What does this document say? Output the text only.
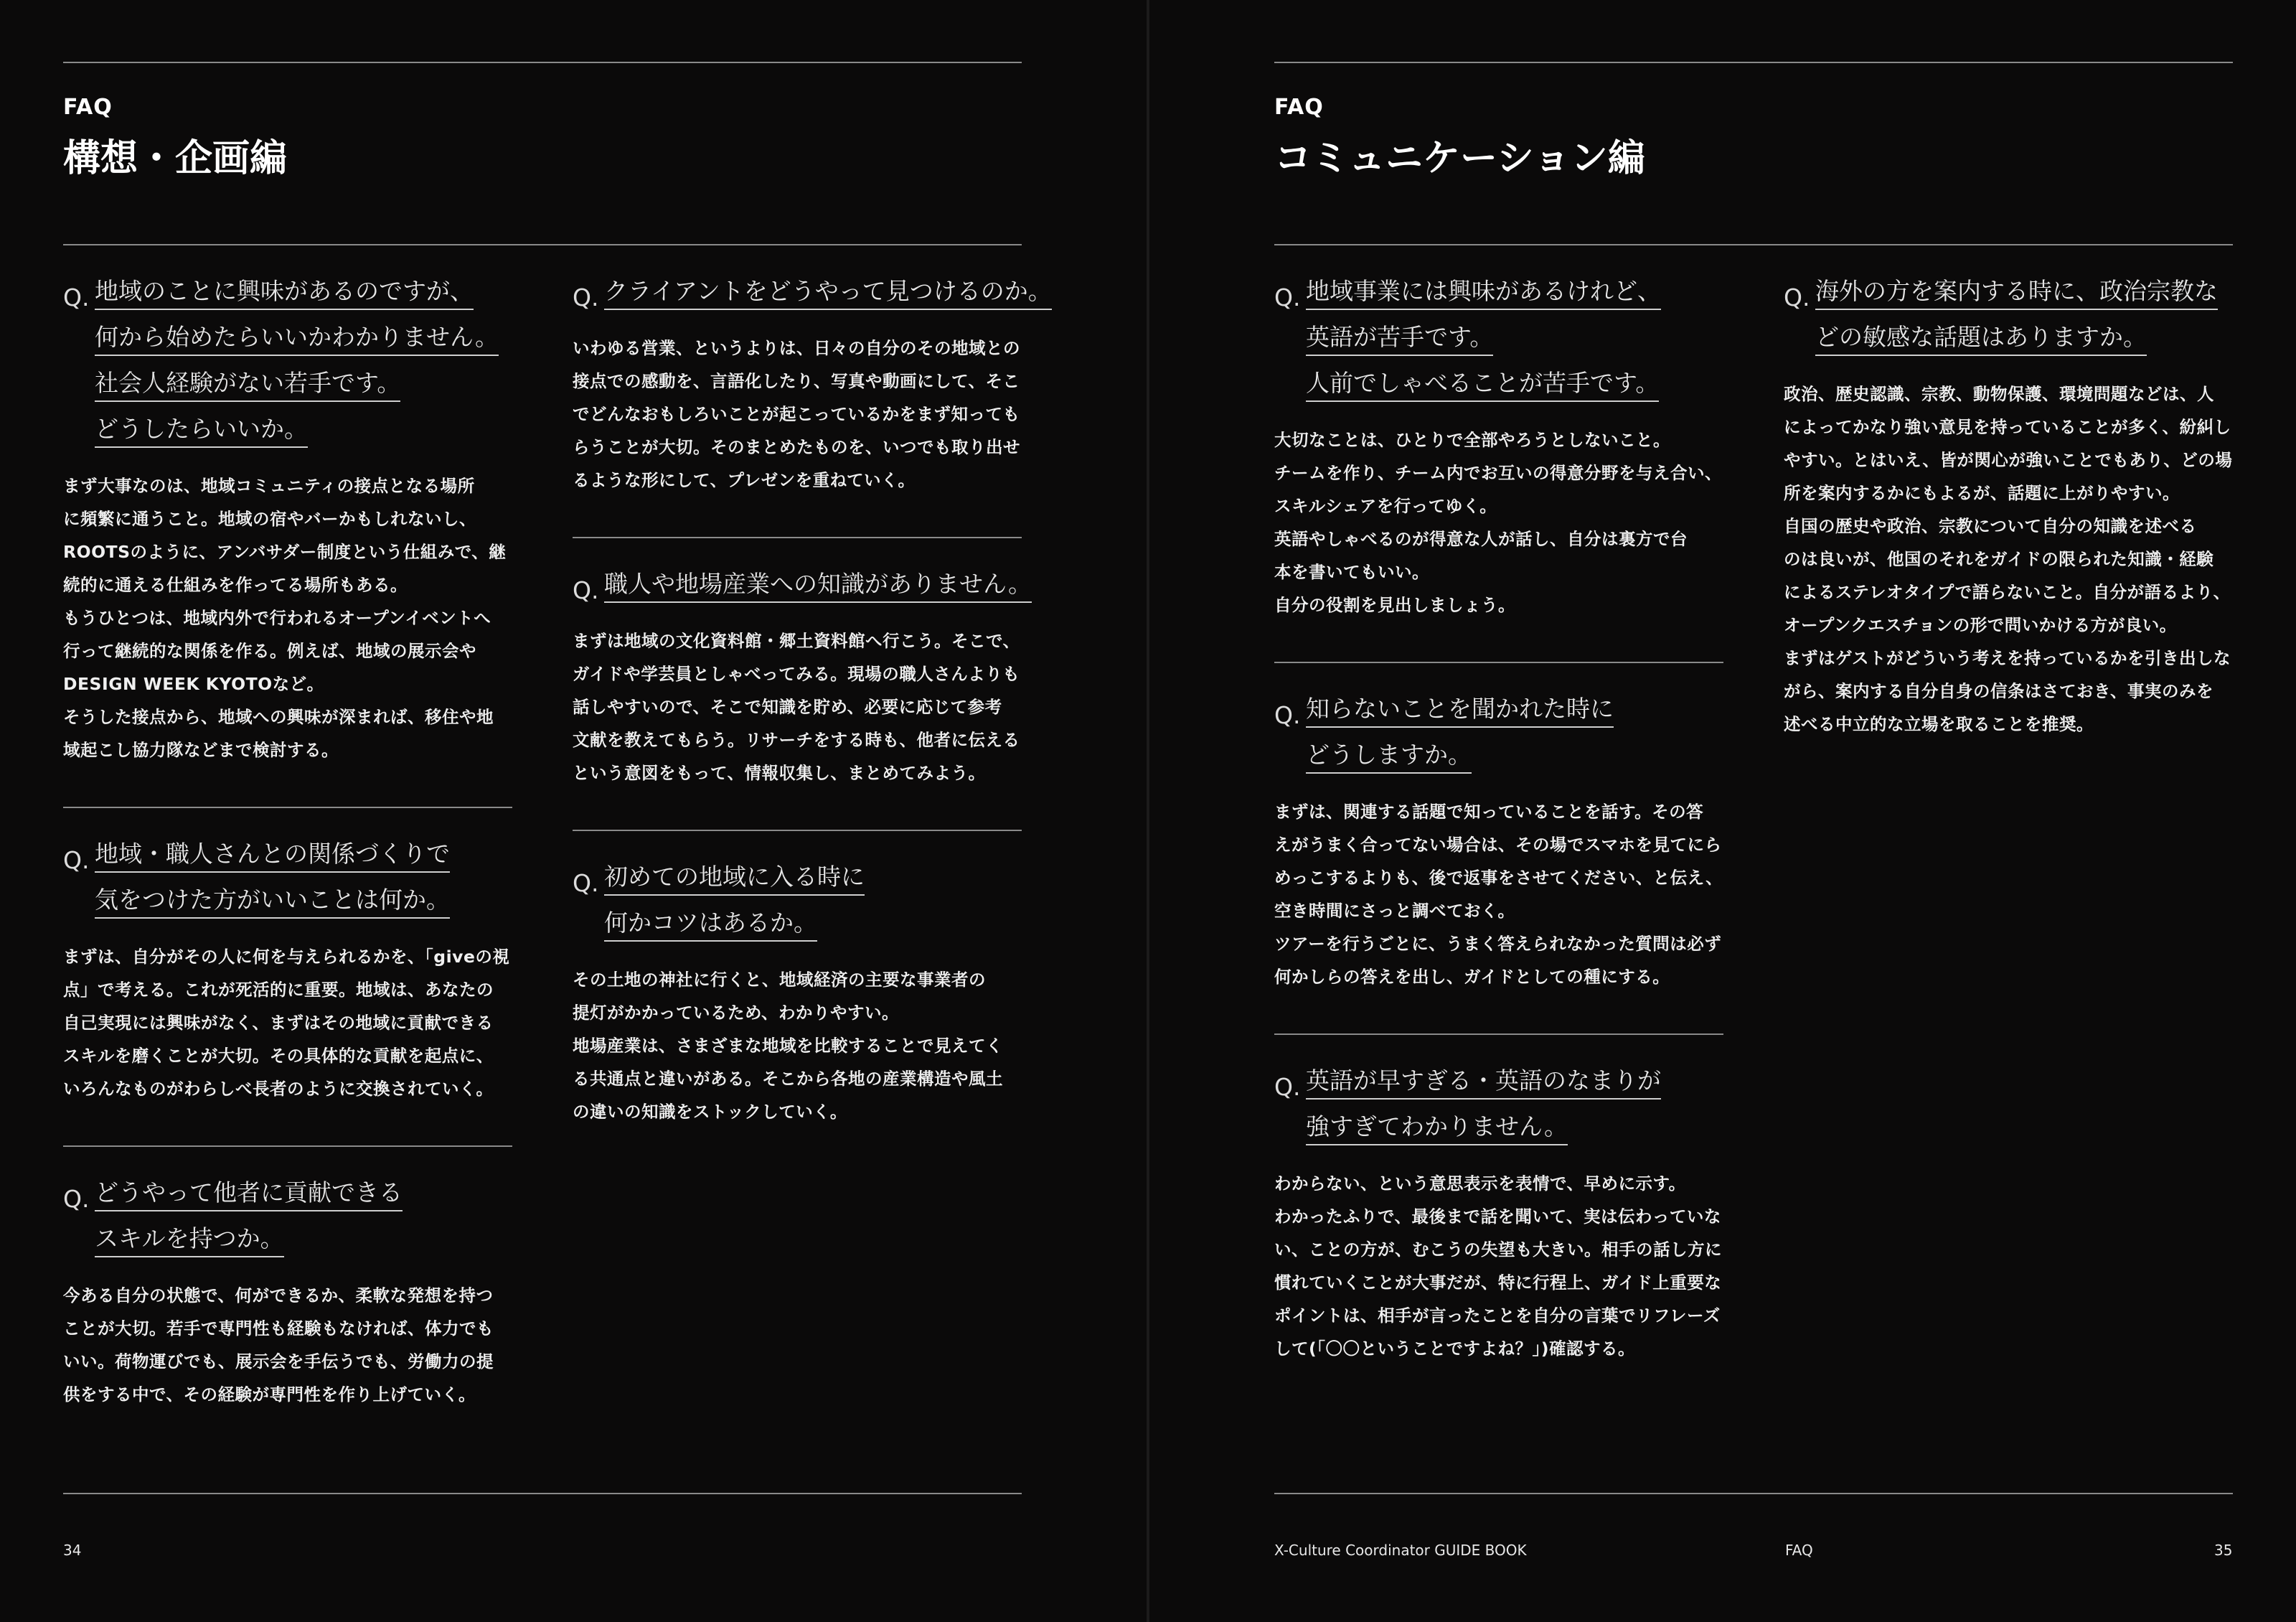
FAQ
構想・企画編
Q. 地域のことに興味があるのですが、
何から始めたらいいかわかりません。
社会人経験がない若手です。
どうしたらいいか。
まず大事なのは、地域コミュニティの接点となる場所
に頻繁に通うこと。地域の宿やバーかもしれないし、
ROOTSのように、アンバサダー制度という仕組みで、継
続的に通える仕組みを作ってる場所もある。
もうひとつは、地域内外で行われるオープンイベントへ
行って継続的な関係を作る。例えば、地域の展示会や
DESIGN WEEK KYOTOなど。
そうした接点から、地域への興味が深まれば、移住や地
域起こし協力隊などまで検討する。
Q. 地域・職人さんとの関係づくりで
気をつけた方がいいことは何か。
まずは、自分がその人に何を与えられるかを、「giveの視
点」で考える。これが死活的に重要。地域は、あなたの
自己実現には興味がなく、まずはその地域に貢献できる
スキルを磨くことが大切。その具体的な貢献を起点に、
いろんなものがわらしべ長者のように交換されていく。
Q. どうやって他者に貢献できる
スキルを持つか。
今ある自分の状態で、何ができるか、柔軟な発想を持つ
ことが大切。若手で専門性も経験もなければ、体力でも
いい。荷物運びでも、展示会を手伝うでも、労働力の提
供をする中で、その経験が専門性を作り上げていく。
Q. クライアントをどうやって見つけるのか。
いわゆる営業、というよりは、日々の自分のその地域との
接点での感動を、言語化したり、写真や動画にして、そこ
でどんなおもしろいことが起こっているかをまず知っても
らうことが大切。そのまとめたものを、いつでも取り出せ
るような形にして、プレゼンを重ねていく。
Q. 職人や地場産業への知識がありません。
まずは地域の文化資料館・郷土資料館へ行こう。そこで、
ガイドや学芸員としゃべってみる。現場の職人さんよりも
話しやすいので、そこで知識を貯め、必要に応じて参考
文献を教えてもらう。リサーチをする時も、他者に伝える
という意図をもって、情報収集し、まとめてみよう。
Q. 初めての地域に入る時に
何かコツはあるか。
その土地の神社に行くと、地域経済の主要な事業者の
提灯がかかっているため、わかりやすい。
地場産業は、さまざまな地域を比較することで見えてく
る共通点と違いがある。そこから各地の産業構造や風土
の違いの知識をストックしていく。
34
FAQ
コミュニケーション編
Q. 地域事業には興味があるけれど、
英語が苦手です。
人前でしゃべることが苦手です。
大切なことは、ひとりで全部やろうとしないこと。
チームを作り、チーム内でお互いの得意分野を与え合い、
スキルシェアを行ってゆく。
英語やしゃべるのが得意な人が話し、自分は裏方で台
本を書いてもいい。
自分の役割を見出しましょう。
Q. 知らないことを聞かれた時に
どうしますか。
まずは、関連する話題で知っていることを話す。その答
えがうまく合ってない場合は、その場でスマホを見てにら
めっこするよりも、後で返事をさせてください、と伝え、
空き時間にさっと調べておく。
ツアーを行うごとに、うまく答えられなかった質問は必ず
何かしらの答えを出し、ガイドとしての種にする。
Q. 英語が早すぎる・英語のなまりが
強すぎてわかりません。
わからない、という意思表示を表情で、早めに示す。
わかったふりで、最後まで話を聞いて、実は伝わっていな
い、ことの方が、むこうの失望も大きい。相手の話し方に
慣れていくことが大事だが、特に行程上、ガイド上重要な
ポイントは、相手が言ったことを自分の言葉でリフレーズ
して(「〇〇ということですよね？」)確認する。
Q. 海外の方を案内する時に、政治宗教な
どの敏感な話題はありますか。
政治、歴史認識、宗教、動物保護、環境問題などは、人
によってかなり強い意見を持っていることが多く、紛糾し
やすい。とはいえ、皆が関心が強いことでもあり、どの場
所を案内するかにもよるが、話題に上がりやすい。
自国の歴史や政治、宗教について自分の知識を述べる
のは良いが、他国のそれをガイドの限られた知識・経験
によるステレオタイプで語らないこと。自分が語るより、
オープンクエスチョンの形で問いかける方が良い。
まずはゲストがどういう考えを持っているかを引き出しな
がら、案内する自分自身の信条はさておき、事実のみを
述べる中立的な立場を取ることを推奨。
X-Culture Coordinator GUIDE BOOK	FAQ	35
